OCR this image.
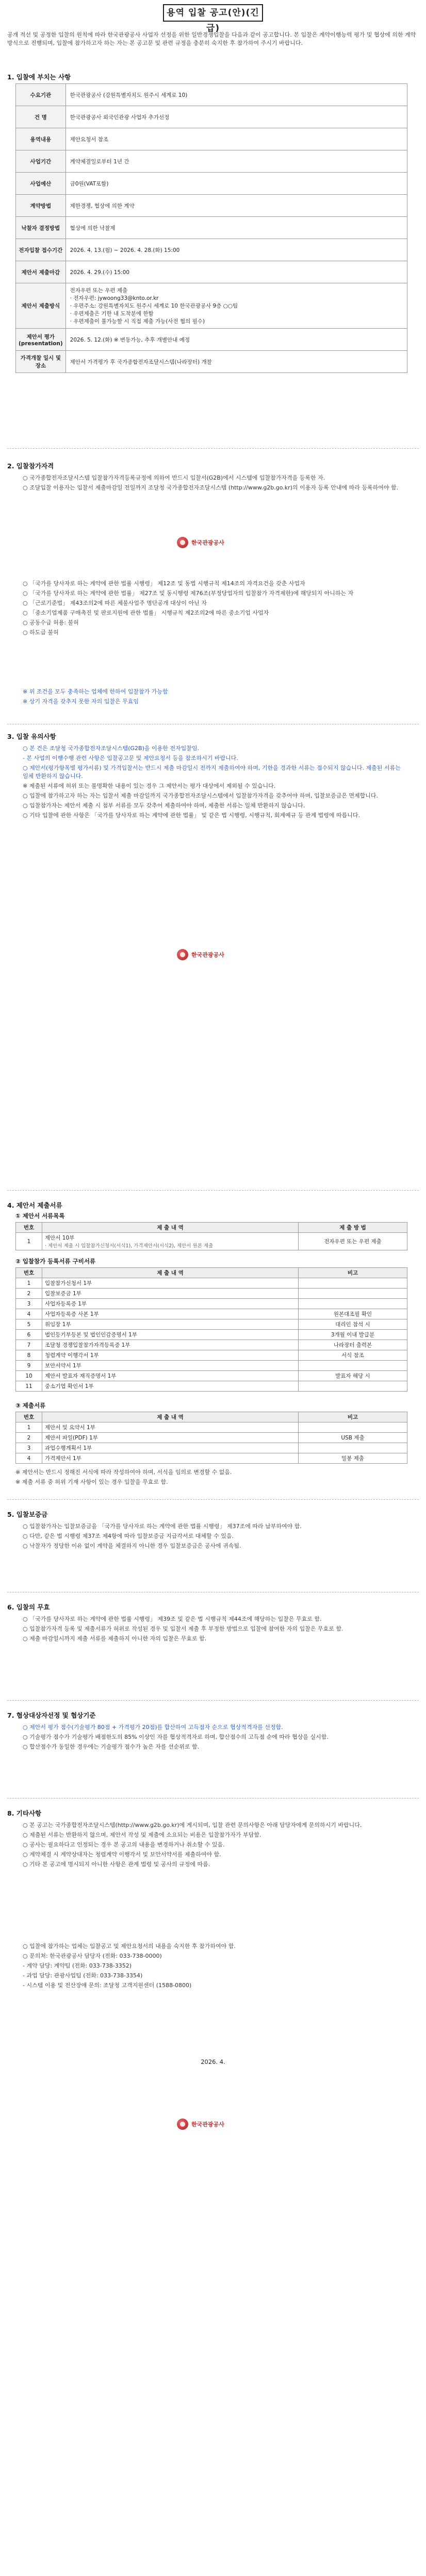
용역 입찰 공고(안)(긴급)
공개 적선 및 공정한 입찰의 원칙에 따라 한국관광공사 사업자 선정을 위한 일반경쟁입찰을 다음과 같이 공고합니다. 본 입찰은 계약이행능력 평가 및 협상에 의한 계약 방식으로 진행되며, 입찰에 참가하고자 하는 자는 본 공고문 및 관련 규정을 충분히 숙지한 후 참가하여 주시기 바랍니다.
1. 입찰에 부치는 사항
수요기관	한국관광공사 (강원특별자치도 원주시 세계로 10)

건 명	한국관광공사 외국인관광 사업자 추가선정

용역내용	제안요청서 참조

사업기간	계약체결일로부터 1년 간

사업예산	금0원(VAT포함)

계약방법	제한경쟁, 협상에 의한 계약

낙찰자 결정방법	협상에 의한 낙찰제

전자입찰 접수기간	2026. 4. 13.(월) ~ 2026. 4. 28.(화) 15:00

제안서 제출마감	2026. 4. 29.(수) 15:00

제안서 제출방식	전자우편 또는 우편 제출
· 전자우편: jywoong33@knto.or.kr
· 우편주소: 강원특별자치도 원주시 세계로 10 한국관광공사 9층 ○○팀
· 우편제출은 기한 내 도착분에 한함
· 우편제출이 불가능할 시 직접 제출 가능(사전 협의 필수)

제안서 평가 (presentation)	2026. 5. 12.(화) ※ 변동가능, 추후 개별안내 예정

가격개찰 일시 및 장소	제안서 가격평가 후 국가종합전자조달시스템(나라장터) 개찰
2. 입찰참가자격

○ 국가종합전자조달시스템 입찰참가자격등록규정에 의하여 반드시 입찰서(G2B)에서 시스템에 입찰참가자격을 등록한 자.

○ 조달입찰 이용자는 입찰서 제출마감일 전일까지 조달청 국가종합전자조달시스템 (http://www.g2b.go.kr)의 이용자 등록 안내에 따라 등록하여야 함.

한국관광공사

○ 「국가를 당사자로 하는 계약에 관한 법률 시행령」 제12조 및 동법 시행규칙 제14조의 자격요건을 갖춘 사업자

○ 「국가를 당사자로 하는 계약에 관한 법률」 제27조 및 동시행령 제76조(부정당업자의 입찰참가 자격제한)에 해당되지 아니하는 자

○ 「근로기준법」 제43조의2에 따른 체불사업주 명단공개 대상이 아닌 자

○ 「중소기업제품 구매촉진 및 판로지원에 관한 법률」 시행규칙 제2조의2에 따른 중소기업 사업자

○ 공동수급 허용: 불허

○ 하도급 불허

※ 위 조건을 모두 충족하는 업체에 한하여 입찰참가 가능함

※ 상기 자격을 갖추지 못한 자의 입찰은 무효임

3. 입찰 유의사항

○ 본 건은 조달청 국가종합전자조달시스템(G2B)을 이용한 전자입찰임.

- 본 사업의 이행수행 관련 사항은 입찰공고문 및 제안요청서 등을 참조하시기 바랍니다.

○ 제안서(평가항목별 평가서류) 및 가격입찰서는 반드시 제출 마감일시 전까지 제출하여야 하며, 기한을 경과한 서류는 접수되지 않습니다. 제출된 서류는 일체 반환하지 않습니다.

※ 제출된 서류에 허위 또는 불명확한 내용이 있는 경우 그 제안서는 평가 대상에서 제외될 수 있습니다.

○ 입찰에 참가하고자 하는 자는 입찰서 제출 마감일까지 국가종합전자조달시스템에서 입찰참가자격을 갖추어야 하며, 입찰보증금은 면제합니다.

○ 입찰참가자는 제안서 제출 시 첨부 서류를 모두 갖추어 제출하여야 하며, 제출한 서류는 일체 반환하지 않습니다.

○ 기타 입찰에 관한 사항은 「국가를 당사자로 하는 계약에 관한 법률」 및 같은 법 시행령, 시행규칙, 회계예규 등 관계 법령에 따릅니다.

한국관광공사
4. 제안서 제출서류
① 제안서 서류목록
번호	제 출 내 역	제 출 방 법
1	제안서 10부
· 제안서 제출 시 입찰참가신청서(서식1), 가격제안서(서식2), 제안서 원본 제출	전자우편 또는 우편 제출
② 입찰참가 등록서류 구비서류
번호	제 출 내 역	비고
1	입찰참가신청서 1부	

2	입찰보증금 1부	

3	사업자등록증 1부	

4	사업자등록증 사본 1부	원본대조필 확인
5	위임장 1부	대리인 참석 시
6	법인등기부등본 및 법인인감증명서 1부	3개월 이내 발급분
7	조달청 경쟁입찰참가자격등록증 1부	나라장터 출력본
8	청렴계약 이행각서 1부	서식 참조
9	보안서약서 1부	

10	제안서 발표자 재직증명서 1부	발표자 해당 시
11	중소기업 확인서 1부	

③ 제출서류
번호	제 출 내 역	비고
1	제안서 및 요약서 1부	

2	제안서 파일(PDF) 1부	USB 제출
3	과업수행계획서 1부	

4	가격제안서 1부	밀봉 제출

※ 제안서는 반드시 정해진 서식에 따라 작성하여야 하며, 서식을 임의로 변경할 수 없음.

※ 제출 서류 중 허위 기재 사항이 있는 경우 입찰을 무효로 함.

5. 입찰보증금

○ 입찰참가자는 입찰보증금을 「국가를 당사자로 하는 계약에 관한 법률 시행령」 제37조에 따라 납부하여야 함.

○ 다만, 같은 법 시행령 제37조 제4항에 따라 입찰보증금 지급각서로 대체할 수 있음.

○ 낙찰자가 정당한 이유 없이 계약을 체결하지 아니한 경우 입찰보증금은 공사에 귀속됨.

6. 입찰의 무효

○ 「국가를 당사자로 하는 계약에 관한 법률 시행령」 제39조 및 같은 법 시행규칙 제44조에 해당하는 입찰은 무효로 함.

○ 입찰참가자격 등록 및 제출서류가 허위로 작성된 경우 및 입찰서 제출 후 부정한 방법으로 입찰에 참여한 자의 입찰은 무효로 함.

○ 제출 마감일시까지 제출 서류를 제출하지 아니한 자의 입찰은 무효로 함.

7. 협상대상자선정 및 협상기준

○ 제안서 평가 점수(기술평가 80점 + 가격평가 20점)를 합산하여 고득점자 순으로 협상적격자를 선정함.

○ 기술평가 점수가 기술평가 배점한도의 85% 이상인 자를 협상적격자로 하며, 합산점수의 고득점 순에 따라 협상을 실시함.

○ 합산점수가 동일한 경우에는 기술평가 점수가 높은 자를 선순위로 함.

8. 기타사항

○ 본 공고는 국가종합전자조달시스템(http://www.g2b.go.kr)에 게시되며, 입찰 관련 문의사항은 아래 담당자에게 문의하시기 바랍니다.

○ 제출된 서류는 반환하지 않으며, 제안서 작성 및 제출에 소요되는 비용은 입찰참가자가 부담함.

○ 공사는 필요하다고 인정되는 경우 본 공고의 내용을 변경하거나 취소할 수 있음.

○ 계약체결 시 계약상대자는 청렴계약 이행각서 및 보안서약서를 제출하여야 함.

○ 기타 본 공고에 명시되지 아니한 사항은 관계 법령 및 공사의 규정에 따름.

○ 입찰에 참가하는 업체는 입찰공고 및 제안요청서의 내용을 숙지한 후 참가하여야 함.

○ 문의처: 한국관광공사 담당자 (전화: 033-738-0000)

- 계약 담당: 계약팀 (전화: 033-738-3352)

- 과업 담당: 관광사업팀 (전화: 033-738-3354)

- 시스템 이용 및 전산장애 문의: 조달청 고객지원센터 (1588-0800)

2026. 4.
한국관광공사
